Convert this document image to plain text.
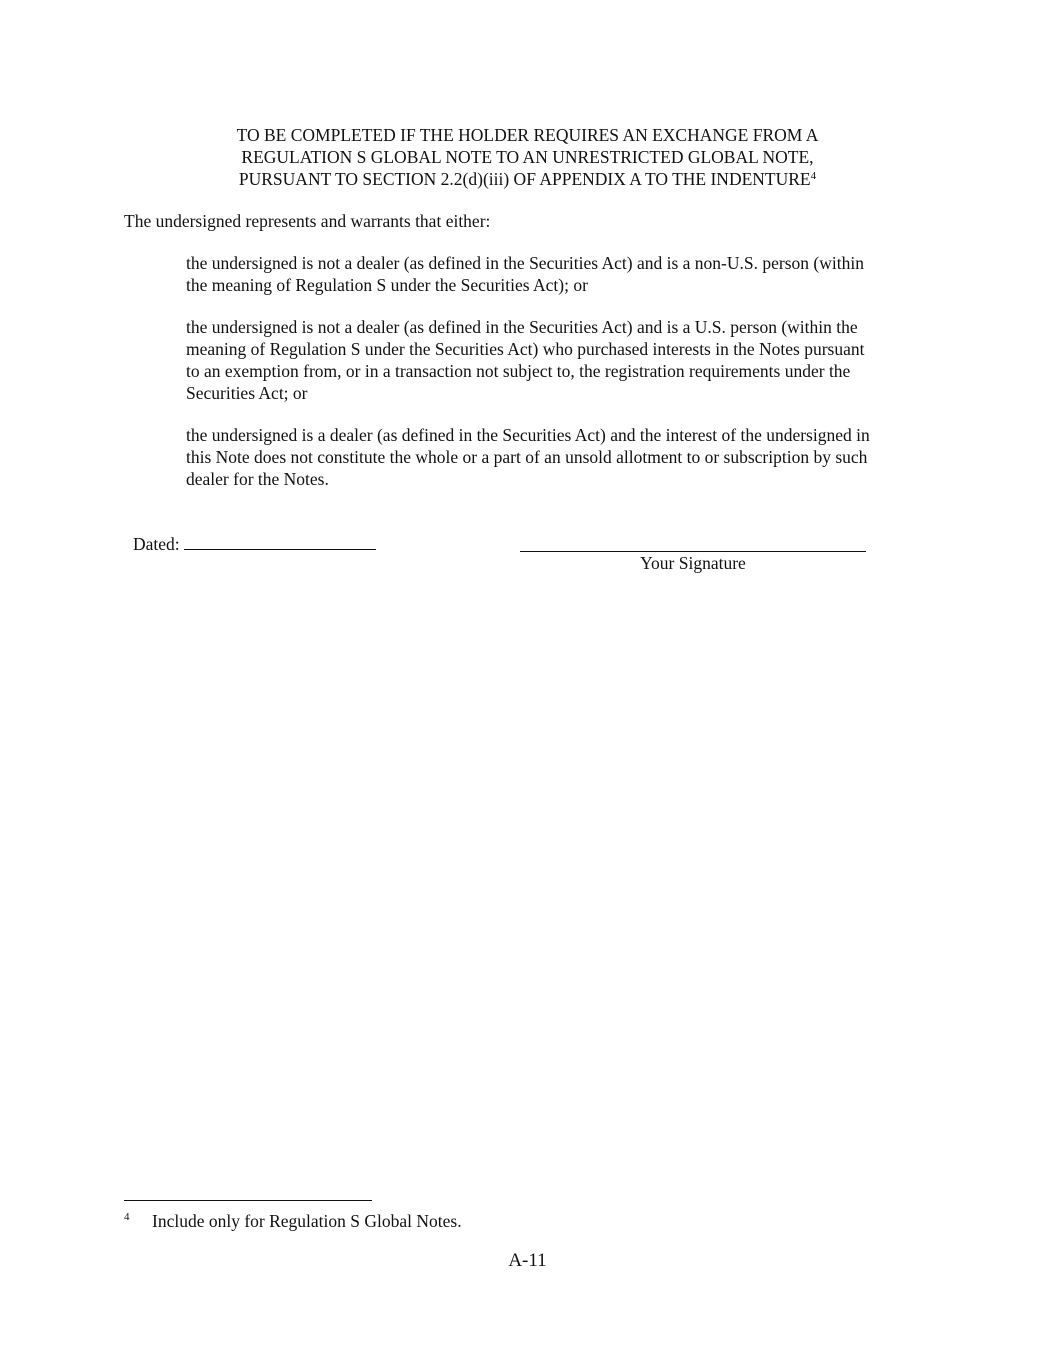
TO BE COMPLETED IF THE HOLDER REQUIRES AN EXCHANGE FROM A
REGULATION S GLOBAL NOTE TO AN UNRESTRICTED GLOBAL NOTE,
PURSUANT TO SECTION 2.2(d)(iii) OF APPENDIX A TO THE INDENTURE$^4$
The undersigned represents and warrants that either:
the undersigned is not a dealer (as defined in the Securities Act) and is a non-U.S. person (within
the meaning of Regulation S under the Securities Act); or
the undersigned is not a dealer (as defined in the Securities Act) and is a U.S. person (within the
meaning of Regulation S under the Securities Act) who purchased interests in the Notes pursuant
to an exemption from, or in a transaction not subject to, the registration requirements under the
Securities Act; or
the undersigned is a dealer (as defined in the Securities Act) and the interest of the undersigned in
this Note does not constitute the whole or a part of an unsold allotment to or subscription by such
dealer for the Notes.
Dated:
Your Signature
4 Include only for Regulation S Global Notes.
A-11
